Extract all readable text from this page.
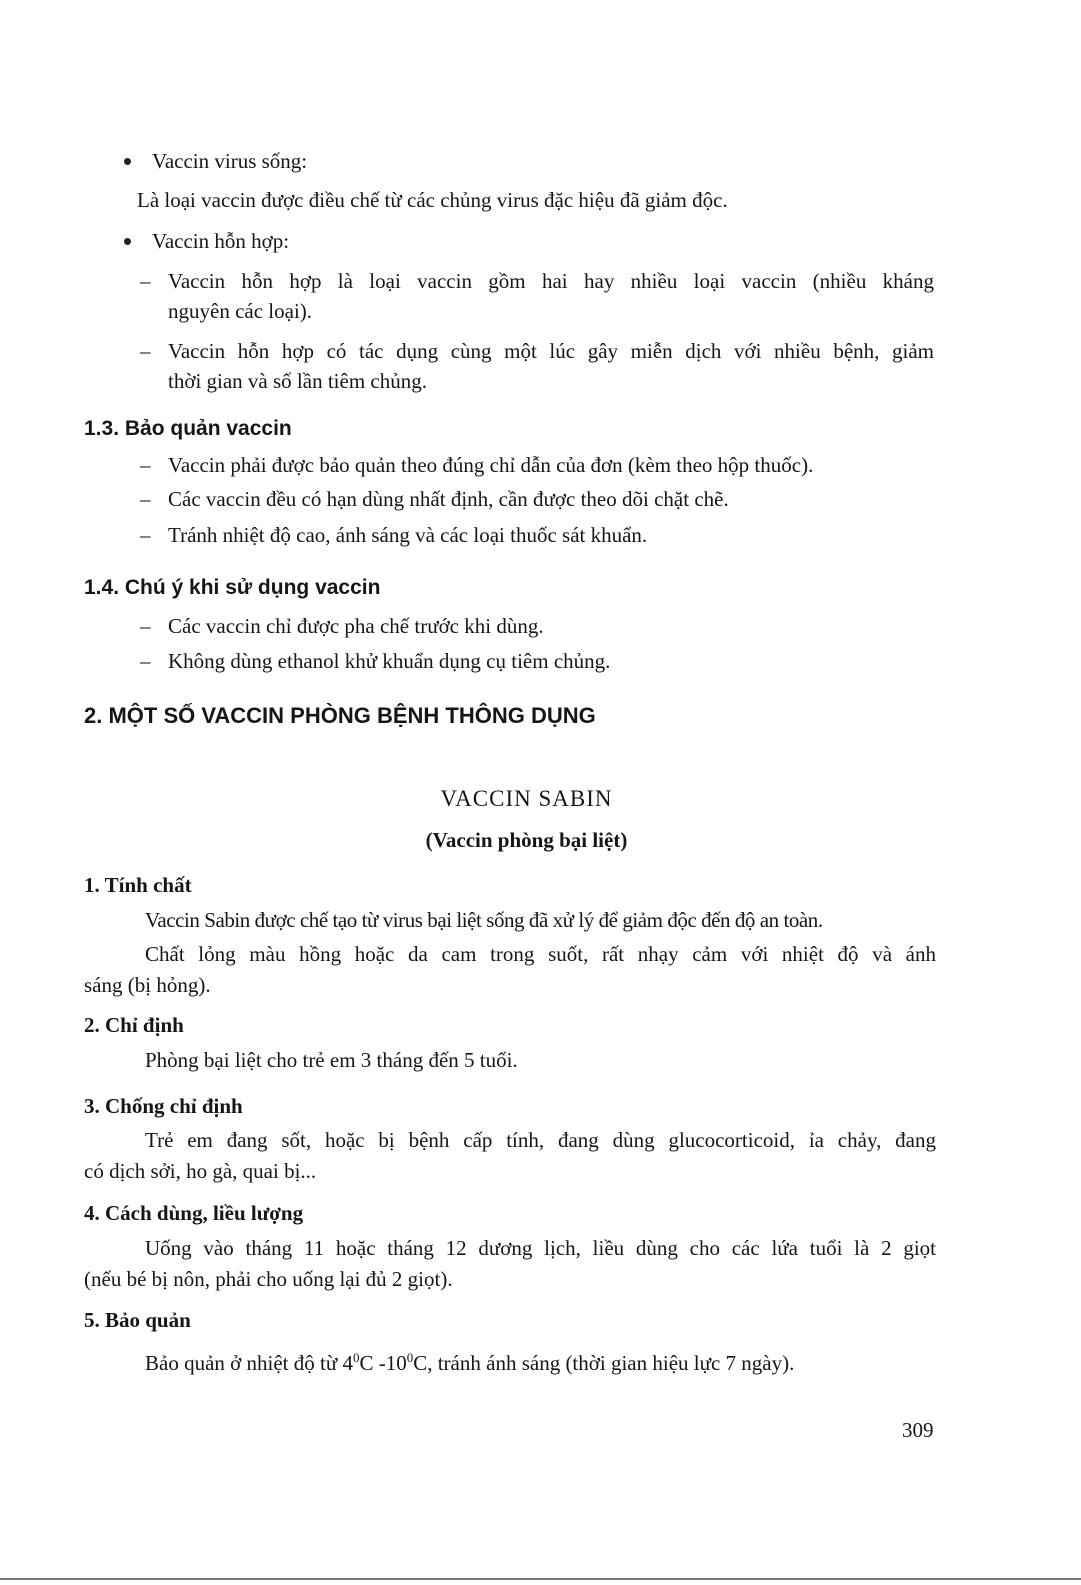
Vaccin virus sống:
Là loại vaccin được điều chế từ các chủng virus đặc hiệu đã giảm độc.
Vaccin hỗn hợp:
– Vaccin hỗn hợp là loại vaccin gồm hai hay nhiều loại vaccin (nhiều kháng
nguyên các loại).
– Vaccin hỗn hợp có tác dụng cùng một lúc gây miễn dịch với nhiều bệnh, giảm
thời gian và số lần tiêm chủng.
1.3. Bảo quản vaccin
– Vaccin phải được bảo quản theo đúng chỉ dẫn của đơn (kèm theo hộp thuốc).
– Các vaccin đều có hạn dùng nhất định, cần được theo dõi chặt chẽ.
– Tránh nhiệt độ cao, ánh sáng và các loại thuốc sát khuẩn.
1.4. Chú ý khi sử dụng vaccin
– Các vaccin chỉ được pha chế trước khi dùng.
– Không dùng ethanol khử khuẩn dụng cụ tiêm chủng.
2. MỘT SỐ VACCIN PHÒNG BỆNH THÔNG DỤNG
VACCIN SABIN
(Vaccin phòng bại liệt)
1. Tính chất
Vaccin Sabin được chế tạo từ virus bại liệt sống đã xử lý để giảm độc đến độ an toàn.
Chất lỏng màu hồng hoặc da cam trong suốt, rất nhạy cảm với nhiệt độ và ánh
sáng (bị hỏng).
2. Chỉ định
Phòng bại liệt cho trẻ em 3 tháng đến 5 tuổi.
3. Chống chỉ định
Trẻ em đang sốt, hoặc bị bệnh cấp tính, đang dùng glucocorticoid, ỉa chảy, đang
có dịch sởi, ho gà, quai bị...
4. Cách dùng, liều lượng
Uống vào tháng 11 hoặc tháng 12 dương lịch, liều dùng cho các lứa tuổi là 2 giọt
(nếu bé bị nôn, phải cho uống lại đủ 2 giọt).
5. Bảo quản
Bảo quản ở nhiệt độ từ $4^0C$ $-10^0C$, tránh ánh sáng (thời gian hiệu lực 7 ngày).
309
